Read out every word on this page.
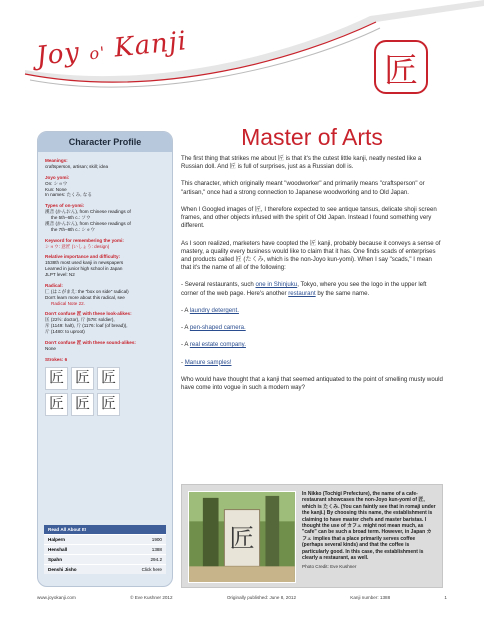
Joy o' Kanji
匠
Character Profile
Meanings:
craftsperson, artisan; skill; idea
Joyo yomi:
On: ショウ
Kun: None
In names: たくみ, なる
Types of on-yomi:
漢音 (かんおん), from Chinese readings of
the 5th–6th c.: ソウ
漢音 (かんおん), from Chinese readings of
the 7th–8th c.: ショウ
Keyword for remembering the yomi:
ショウ: 意匠 (いしょう: design)
Relative importance and difficulty:
1538th most used kanji in newspapers
Learned in junior high school in Japan
JLPT level: N2
Radical:
匚 (はこがまえ: the "box on side" radical)
Don't learn more about this radical, see
Radical Note 22.
Don't confuse 匠 with these look-alikes:
匡 (22½: doctor), 斤 (578: soldier),
斥 (1149: halt), 斤 (1176: loaf (of bread)),
斤 (1480: to uproot)
Don't confuse 匠 with these sound-alikes:
None
Strokes: 6
匠 匠 匠
匠 匠 匠
Read All About It!	
Halpern	1900
Henshall	1388
Spahn	294.2
Denshi Jisho	Click here
Master of Arts

The first thing that strikes me about 匠 is that it's the cutest little kanji, neatly nested like a Russian doll. And 匠 is full of surprises, just as a Russian doll is.

This character, which originally meant "woodworker" and primarily means "craftsperson" or "artisan," once had a strong connection to Japanese woodworking and to Old Japan.

When I Googled images of 匠, I therefore expected to see antique tansus, delicate shoji screen frames, and other objects infused with the spirit of Old Japan. Instead I found something very different.

As I soon realized, marketers have coopted the 匠 kanji, probably because it conveys a sense of mastery, a quality every business would like to claim that it has. One finds scads of enterprises and products called 匠 (たくみ, which is the non-Joyo kun-yomi). When I say "scads," I mean that it's the name of all of the following:

- Several restaurants, such one in Shinjuku, Tokyo, where you see the logo in the upper left corner of the web page. Here's another restaurant by the same name.

- A laundry detergent.

- A pen-shaped camera.

- A real estate company.

- Manure samples!

Who would have thought that a kanji that seemed antiquated to the point of smelling musty would have come into vogue in such a modern way?

匠
In Nikko (Tochigi Prefecture), the name of a cafe-restaurant showcases the non-Joyo kun-yomi of 匠, which is たくみ. (You can faintly see that in romaji under the kanji.) By choosing this name, the establishment is claiming to have master chefs and master baristas. I thought the use of カフェ might not mean much, as "cafe" can be such a broad term. However, in Japan カフェ implies that a place primarily serves coffee (perhaps several kinds) and that the coffee is particularly good. In this case, the establishment is clearly a restaurant, as well.
Photo Credit: Eve Kushner
www.joyokanji.com	© Eve Kushner 2012	Originally published: June 8, 2012	Kanji number: 1388	1
